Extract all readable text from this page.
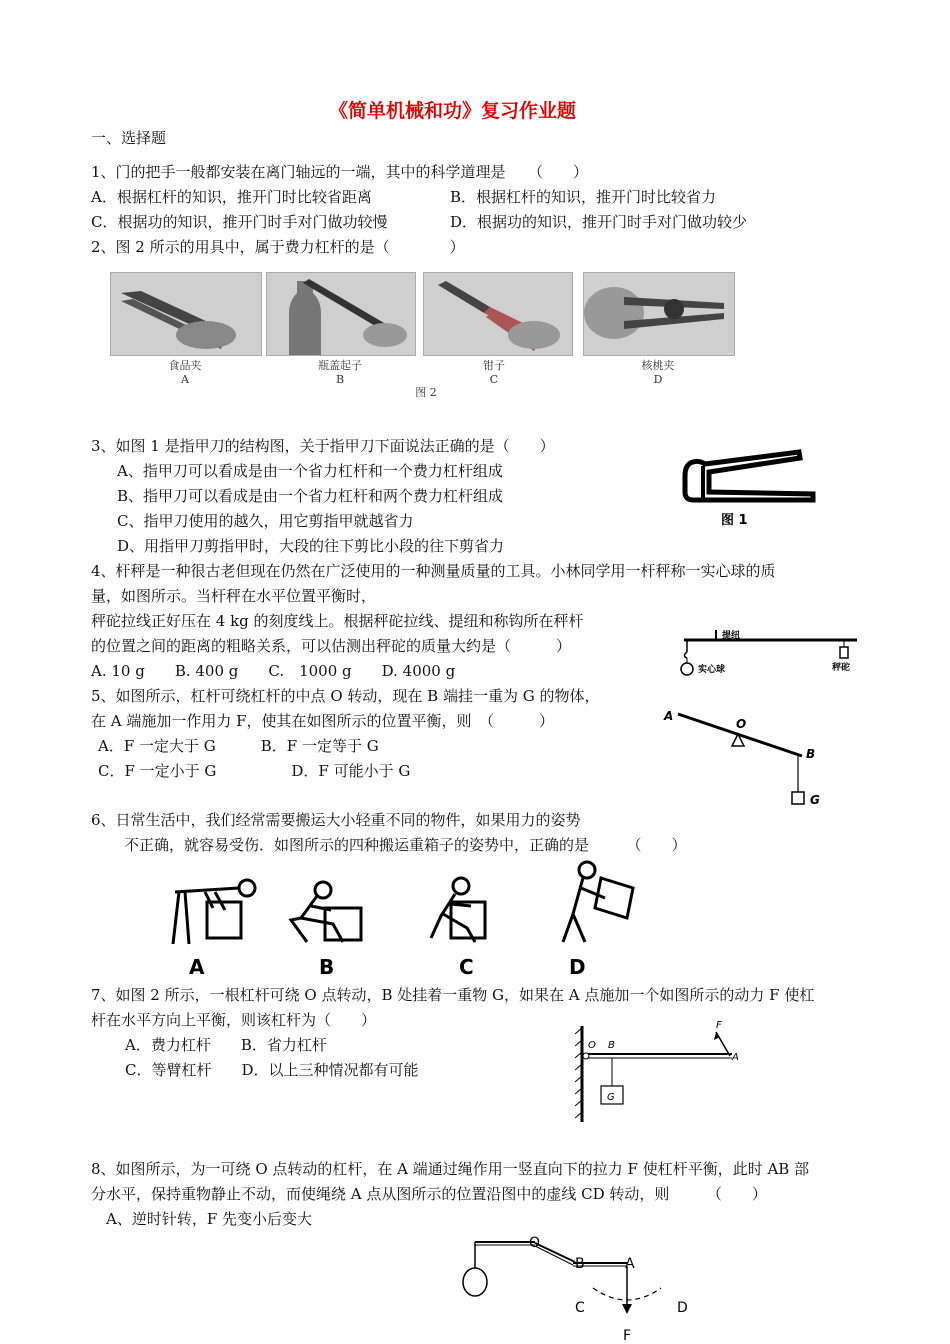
《简单机械和功》复习作业题
一、选择题
1、门的把手一般都安装在离门轴远的一端，其中的科学道理是　　（　　）
A．根据杠杆的知识，推开门时比较省距离	B．根据杠杆的知识，推开门时比较省力
C．根据功的知识，推开门时手对门做功较慢	D．根据功的知识，推开门时手对门做功较少
2、图 2 所示的用具中，属于费力杠杆的是（　　　　）
食品夹
A
瓶盖起子
B
钳子
C
核桃夹
D
图 2
3、如图 1 是指甲刀的结构图，关于指甲刀下面说法正确的是（　　）
A、指甲刀可以看成是由一个省力杠杆和一个费力杠杆组成
B、指甲刀可以看成是由一个省力杠杆和两个费力杠杆组成
C、指甲刀使用的越久，用它剪指甲就越省力
D、用指甲刀剪指甲时，大段的往下剪比小段的往下剪省力
图 1
4、杆秤是一种很古老但现在仍然在广泛使用的一种测量质量的工具。小林同学用一杆秤称一实心球的质
量，如图所示。当杆秤在水平位置平衡时，
秤砣拉线正好压在 4 kg 的刻度线上。根据秤砣拉线、提纽和称钩所在秤杆
的位置之间的距离的粗略关系，可以估测出秤砣的质量大约是（　　　）
A. 10 g　　B. 400 g　　C.　1000 g　　D. 4000 g
提纽
实心球	秤砣
5、如图所示，杠杆可绕杠杆的中点 O 转动，现在 B 端挂一重为 G 的物体，
在 A 端施加一作用力 F，使其在如图所示的位置平衡，则　（　　　）
A．F 一定大于 G　　　B．F 一定等于 G
C．F 一定小于 G　　　　　D．F 可能小于 G
A
O
B
G
6、日常生活中，我们经常需要搬运大小轻重不同的物件，如果用力的姿势
不正确，就容易受伤．如图所示的四种搬运重箱子的姿势中，正确的是　　　（　　）
A	B	C	D
7、如图 2 所示，一根杠杆可绕 O 点转动，B 处挂着一重物 G，如果在 A 点施加一个如图所示的动力 F 使杠
杆在水平方向上平衡，则该杠杆为（　　）
A．费力杠杆　　B．省力杠杆
C．等臂杠杆　　D．以上三种情况都有可能
O B
G
F
A
8、如图所示，为一可绕 O 点转动的杠杆，在 A 端通过绳作用一竖直向下的拉力 F 使杠杆平衡，此时 AB 部
分水平，保持重物静止不动，而使绳绕 A 点从图所示的位置沿图中的虚线 CD 转动，则　　　（　　）
A、逆时针转，F 先变小后变大
O
B	A
C	D
F
